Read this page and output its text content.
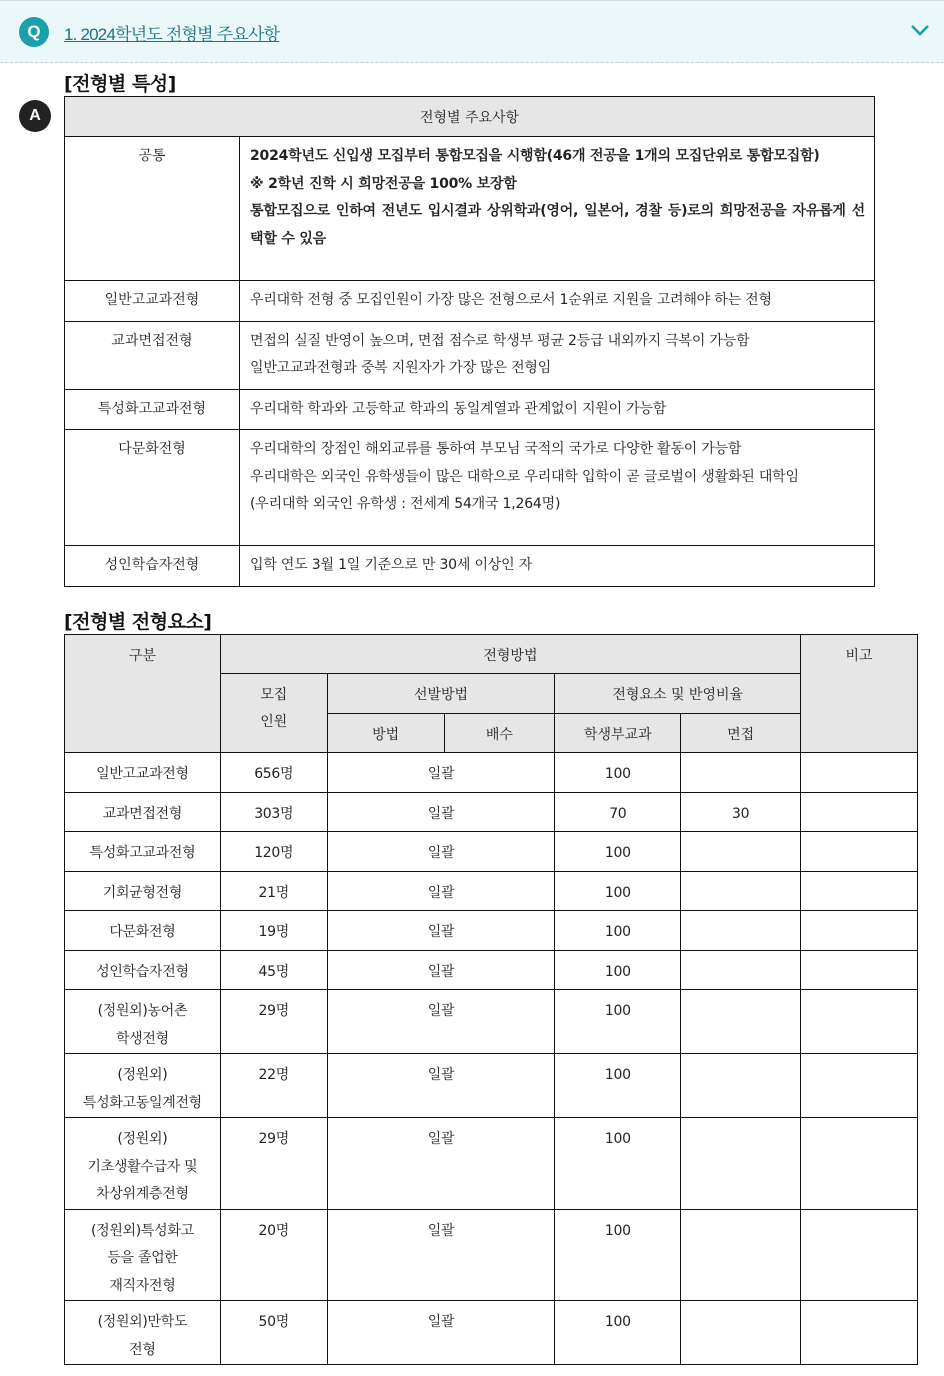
Q	1. 2024학년도 전형별 주요사항
A
[전형별 특성]
전형별 주요사항	
공통	2024학년도 신입생 모집부터 통합모집을 시행함(46개 전공을 1개의 모집단위로 통합모집함)
※ 2학년 진학 시 희망전공을 100% 보장함
통합모집으로 인하여 전년도 입시결과 상위학과(영어, 일본어, 경찰 등)로의 희망전공을 자유롭게 선택할 수 있음

일반고교과전형	우리대학 전형 중 모집인원이 가장 많은 전형으로서 1순위로 지원을 고려해야 하는 전형

교과면접전형	면접의 실질 반영이 높으며, 면접 점수로 학생부 평균 2등급 내외까지 극복이 가능함
일반고교과전형과 중복 지원자가 가장 많은 전형임

특성화고교과전형	우리대학 학과와 고등학교 학과의 동일계열과 관계없이 지원이 가능함

다문화전형	우리대학의 장점인 해외교류를 통하여 부모님 국적의 국가로 다양한 활동이 가능함
우리대학은 외국인 유학생들이 많은 대학으로 우리대학 입학이 곧 글로벌이 생활화된 대학임
(우리대학 외국인 유학생 : 전세계 54개국 1,264명)

성인학습자전형	입학 연도 3월 1일 기준으로 만 30세 이상인 자
[전형별 전형요소]
구분	전형방법					비고

	모집
인원	선발방법		전형요소 및 반영비율		
		방법	배수	학생부교과	면접	

일반고교과전형	656명	일괄		100		

교과면접전형	303명	일괄		70	30	

특성화고교과전형	120명	일괄		100		

기회균형전형	21명	일괄		100		

다문화전형	19명	일괄		100		

성인학습자전형	45명	일괄		100		

(정원외)농어촌
학생전형	29명	일괄		100		

(정원외)
특성화고동일계전형	22명	일괄		100		

(정원외)
기초생활수급자 및
차상위계층전형	29명	일괄		100		

(정원외)특성화고
등을 졸업한
재직자전형	20명	일괄		100		

(정원외)만학도
전형	50명	일괄		100		
